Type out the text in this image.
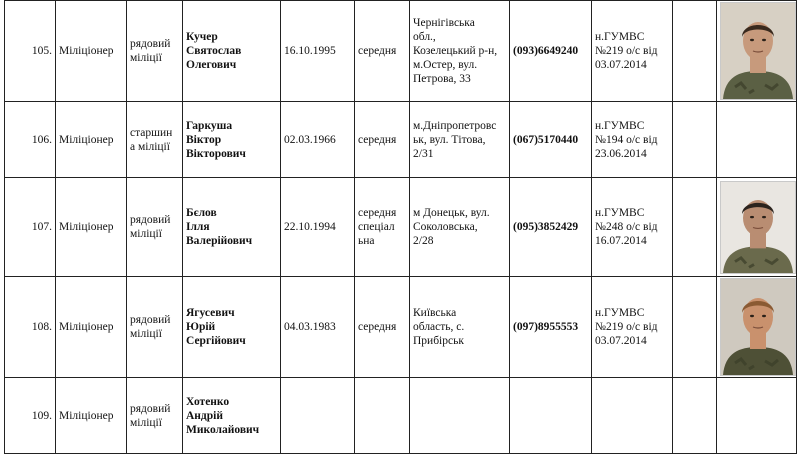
105.	Міліціонер	рядовий
міліції	Кучер
Святослав
Олегович	16.10.1995	середня	Чернігівська
обл.,
Козелецький р-н,
м.Остер, вул.
Петрова, 33	(093)6649240	н.ГУМВС
№219 о/с від
03.07.2014

106.	Міліціонер	старшин
а міліції	Гаркуша
Віктор
Вікторович	02.03.1966	середня	м.Дніпропетровс
ьк, вул. Тітова,
2/31	(067)5170440	н.ГУМВС
№194 о/с від
23.06.2014		

107.	Міліціонер	рядовий
міліції	Бєлов
Ілля
Валерійович	22.10.1994	середня
спеціал
ьна	м Донецьк, вул.
Соколовська,
2/28	(095)3852429	н.ГУМВС
№248 о/с від
16.07.2014

108.	Міліціонер	рядовий
міліції	Ягусевич
Юрій
Сергійович	04.03.1983	середня	Київська
область, с.
Прибірськ	(097)8955553	н.ГУМВС
№219 о/с від
03.07.2014

109.	Міліціонер	рядовий
міліції	Хотенко
Андрій
Миколайович							
